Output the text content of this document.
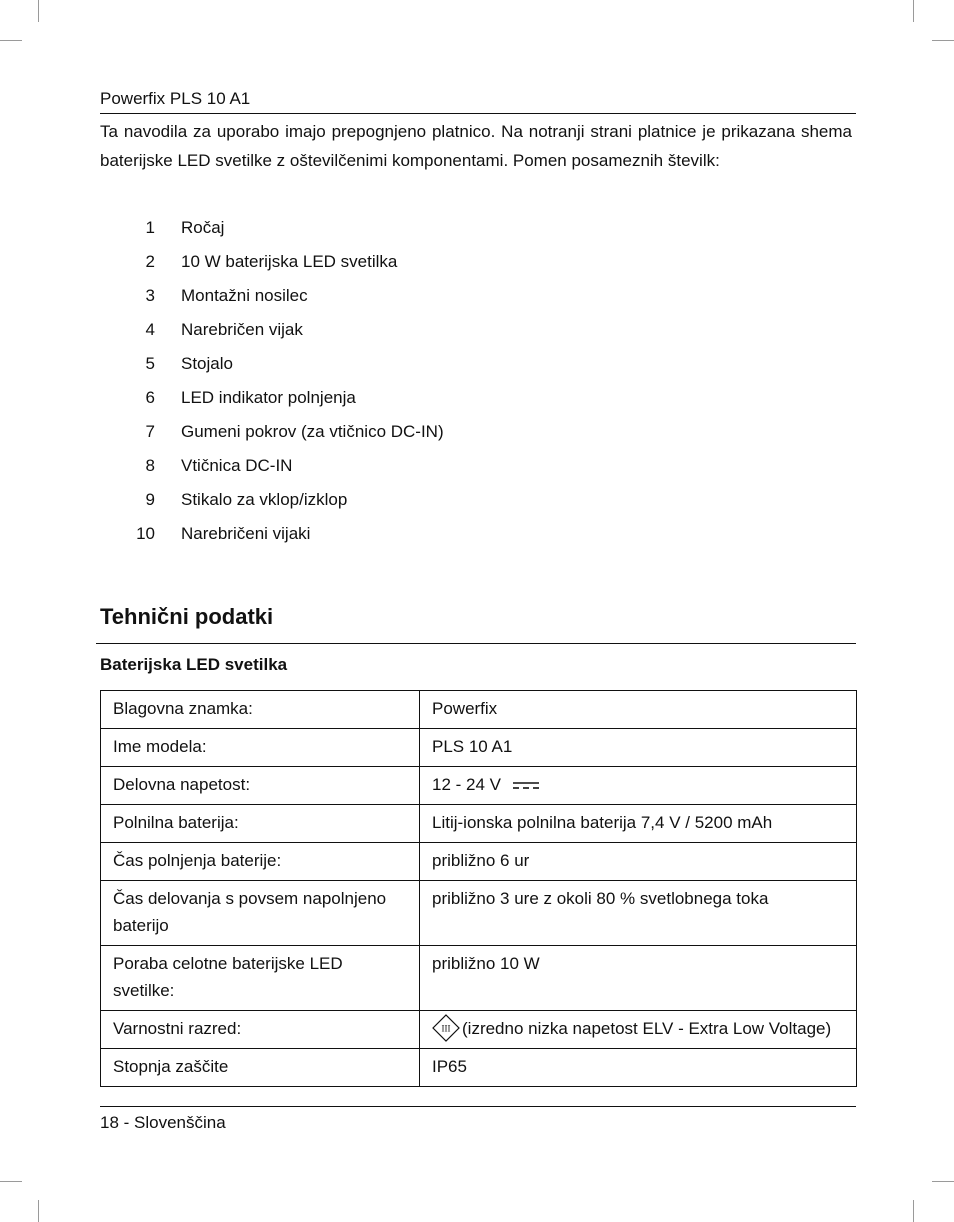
Powerfix PLS 10 A1

Ta navodila za uporabo imajo prepognjeno platnico. Na notranji strani platnice je prikazana shema baterijske LED svetilke z oštevilčenimi komponentami. Pomen posameznih številk:

1 Ročaj
2 10 W baterijska LED svetilka
3 Montažni nosilec
4 Narebričen vijak
5 Stojalo
6 LED indikator polnjenja
7 Gumeni pokrov (za vtičnico DC-IN)
8 Vtičnica DC-IN
9 Stikalo za vklop/izklop
10 Narebričeni vijaki
Tehnični podatki
Baterijska LED svetilka
Blagovna znamka:	Powerfix
Ime modela:	PLS 10 A1
Delovna napetost:	12 - 24 V
Polnilna baterija:	Litij-ionska polnilna baterija 7,4 V / 5200 mAh
Čas polnjenja baterije:	približno 6 ur
Čas delovanja s povsem napolnjeno baterijo	približno 3 ure z okoli 80 % svetlobnega toka
Poraba celotne baterijske LED svetilke:	približno 10 W
Varnostni razred:	III (izredno nizka napetost ELV - Extra Low Voltage)
Stopnja zaščite	IP65
18 - Slovenščina
